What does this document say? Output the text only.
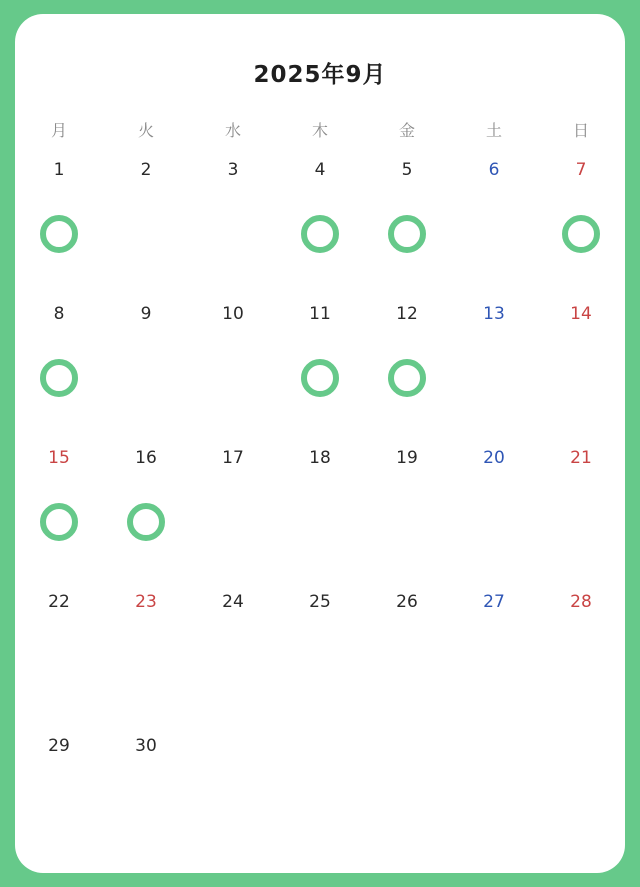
2025年9月
月	火	水	木	金	土	日
1	2	3	4	5	6	7
8	9	10	11	12	13	14
15	16	17	18	19	20	21
22	23	24	25	26	27	28
29	30
